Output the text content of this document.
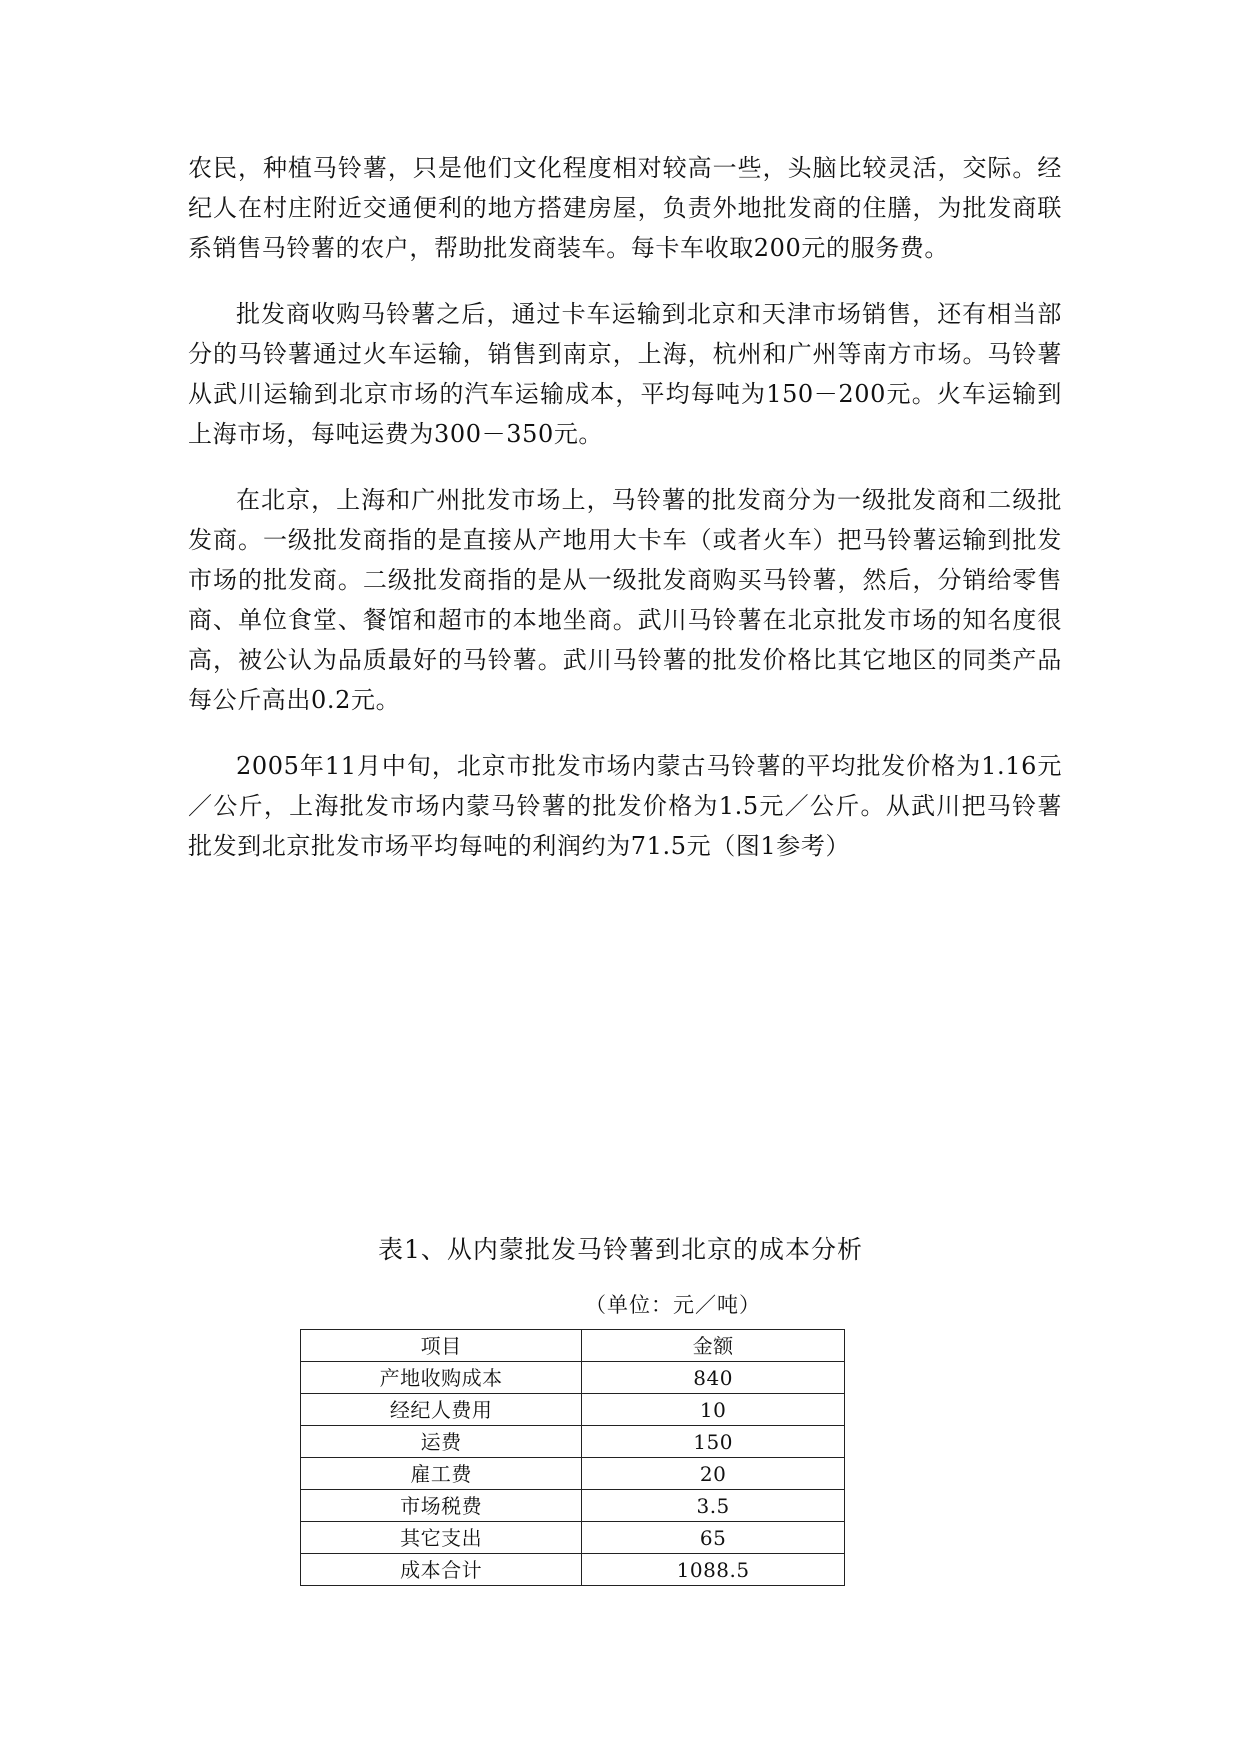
农民，种植马铃薯，只是他们文化程度相对较高一些，头脑比较灵活，交际。经纪人在村庄附近交通便利的地方搭建房屋，负责外地批发商的住膳，为批发商联系销售马铃薯的农户，帮助批发商装车。每卡车收取200元的服务费。

批发商收购马铃薯之后，通过卡车运输到北京和天津市场销售，还有相当部分的马铃薯通过火车运输，销售到南京，上海，杭州和广州等南方市场。马铃薯从武川运输到北京市场的汽车运输成本，平均每吨为150－200元。火车运输到上海市场，每吨运费为300－350元。

在北京，上海和广州批发市场上，马铃薯的批发商分为一级批发商和二级批发商。一级批发商指的是直接从产地用大卡车（或者火车）把马铃薯运输到批发市场的批发商。二级批发商指的是从一级批发商购买马铃薯，然后，分销给零售商、单位食堂、餐馆和超市的本地坐商。武川马铃薯在北京批发市场的知名度很高，被公认为品质最好的马铃薯。武川马铃薯的批发价格比其它地区的同类产品每公斤高出0.2元。

2005年11月中旬，北京市批发市场内蒙古马铃薯的平均批发价格为1.16元／公斤，上海批发市场内蒙马铃薯的批发价格为1.5元／公斤。从武川把马铃薯批发到北京批发市场平均每吨的利润约为71.5元（图1参考）

表1、从内蒙批发马铃薯到北京的成本分析
（单位：元／吨）
项目	金额
产地收购成本	840
经纪人费用	10
运费	150
雇工费	20
市场税费	3.5
其它支出	65
成本合计	1088.5
